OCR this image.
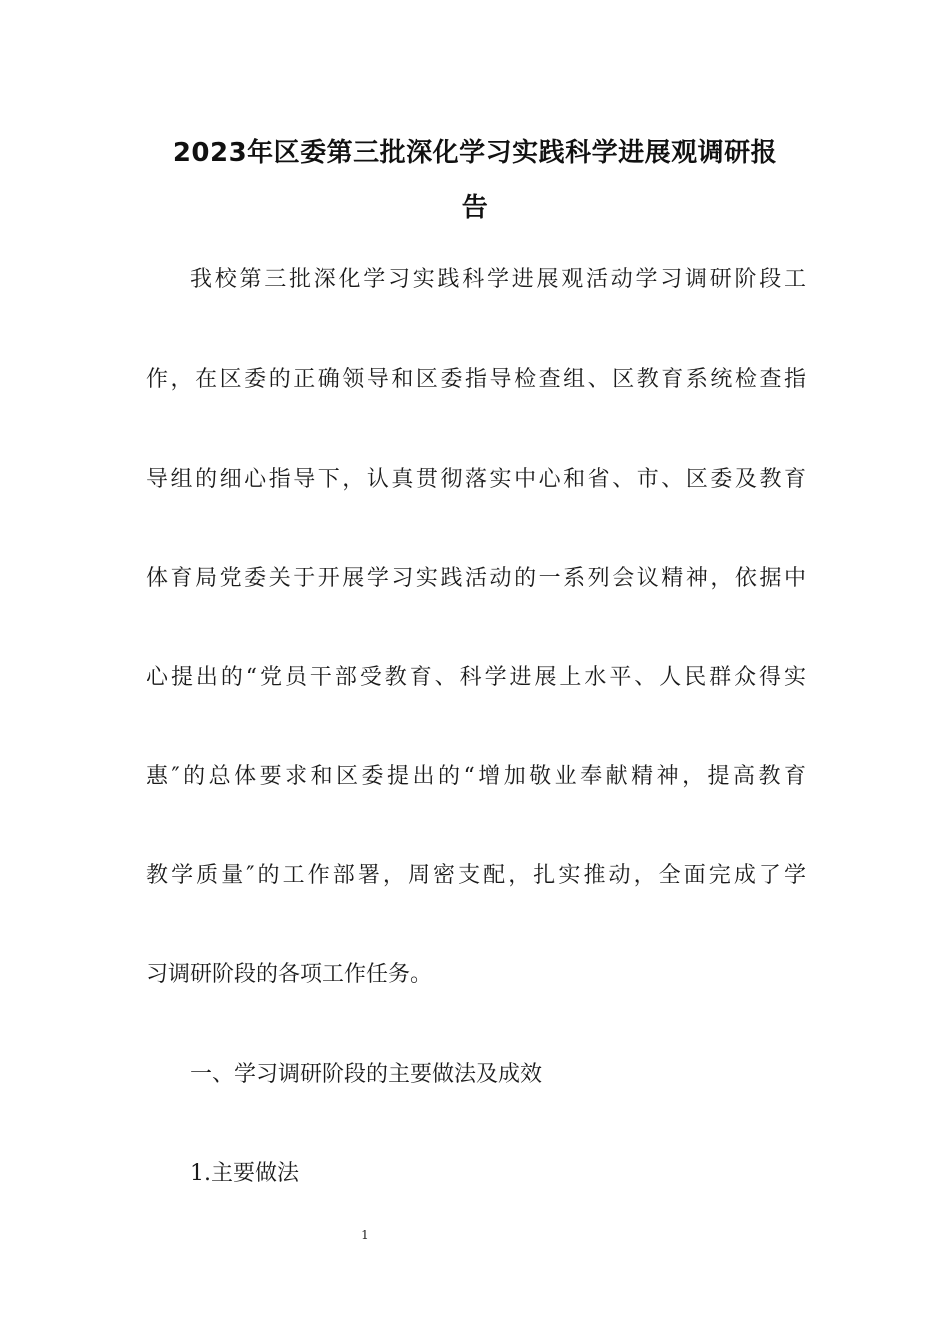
2023年区委第三批深化学习实践科学进展观调研报
告
我校第三批深化学习实践科学进展观活动学习调研阶段工
作，在区委的正确领导和区委指导检查组、区教育系统检查指
导组的细心指导下，认真贯彻落实中心和省、市、区委及教育
体育局党委关于开展学习实践活动的一系列会议精神，依据中
心提出的“党员干部受教育、科学进展上水平、人民群众得实
惠″的总体要求和区委提出的“增加敬业奉献精神，提高教育
教学质量″的工作部署，周密支配，扎实推动，全面完成了学
习调研阶段的各项工作任务。
一、学习调研阶段的主要做法及成效
1.主要做法
1
